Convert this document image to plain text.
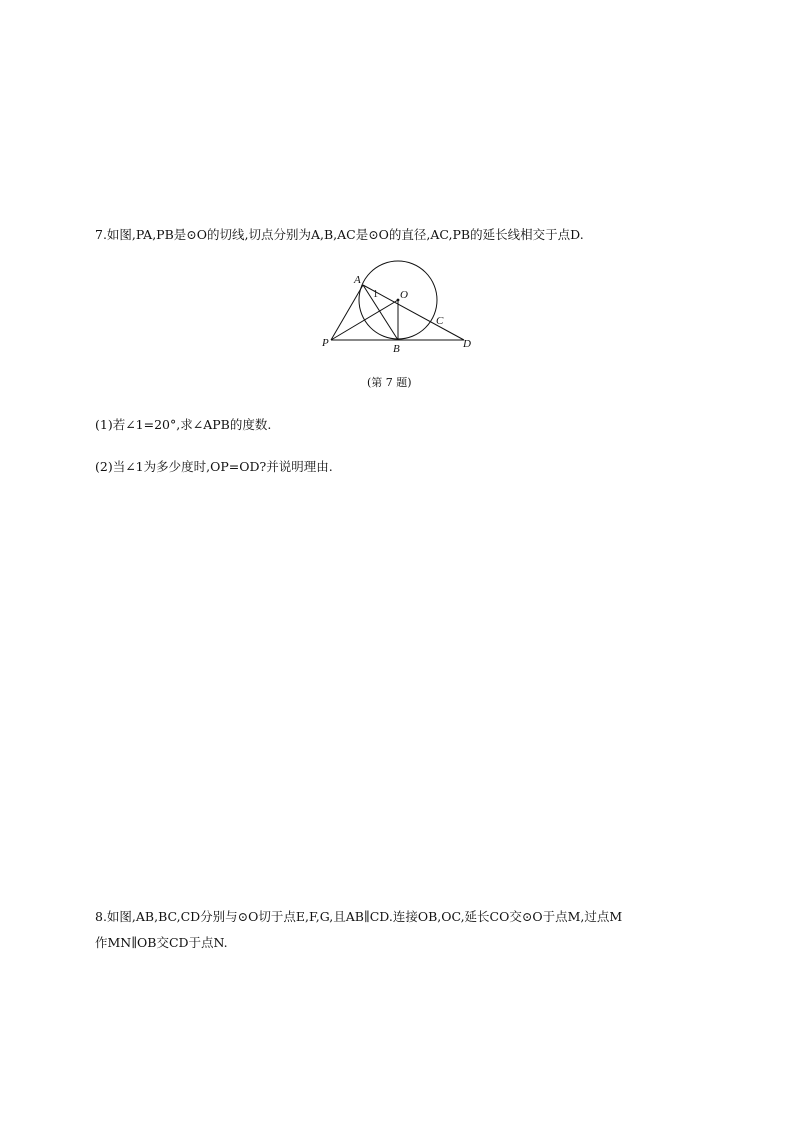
7.如图,PA,PB是⊙O的切线,切点分别为A,B,AC是⊙O的直径,AC,PB的延长线相交于点D.
A
O
1
C
P	B	D
(第 7 题)
(1)若∠1=20°,求∠APB的度数.
(2)当∠1为多少度时,OP=OD?并说明理由.
8.如图,AB,BC,CD分别与⊙O切于点E,F,G,且AB∥CD.连接OB,OC,延长CO交⊙O于点M,过点M
作MN∥OB交CD于点N.
